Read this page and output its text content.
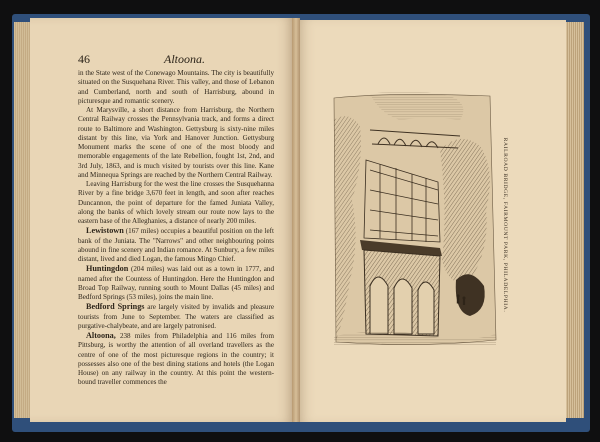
46	Altoona.

in the State west of the Conewago Mountains. The city is beautifully situated on the Susquehana River. This valley, and those of Lebanon and Cumberland, north and south of Harrisburg, abound in picturesque and romantic scenery.

At Marysville, a short distance from Harrisburg, the Northern Central Railway crosses the Pennsylvania track, and forms a direct route to Baltimore and Washington. Gettysburg is sixty-nine miles distant by this line, via York and Hanover Junction. Gettysburg Monument marks the scene of one of the most bloody and memorable engagements of the late Rebellion, fought 1st, 2nd, and 3rd July, 1863, and is much visited by tourists over this line. Kane and Minnequa Springs are reached by the Northern Central Railway.

Leaving Harrisburg for the west the line crosses the Susquehanna River by a fine bridge 3,670 feet in length, and soon after reaches Duncannon, the point of departure for the famed Juniata Valley, along the banks of which lovely stream our route now lays to the eastern base of the Alleghanies, a distance of nearly 200 miles.

Lewistown (167 miles) occupies a beautiful position on the left bank of the Juniata. The "Narrows" and other neighbouring points abound in fine scenery and Indian romance. At Sunbury, a few miles distant, lived and died Logan, the famous Mingo Chief.

Huntingdon (204 miles) was laid out as a town in 1777, and named after the Countess of Huntingdon. Here the Huntingdon and Broad Top Railway, running south to Mount Dallas (45 miles) and Bedford Springs (53 miles), joins the main line.

Bedford Springs are largely visited by invalids and pleasure tourists from June to September. The waters are classified as purgative-chalybeate, and are largely patronised.

Altoona, 238 miles from Philadelphia and 116 miles from Pittsburg, is worthy the attention of all overland travellers as the centre of one of the most picturesque regions in the country; it possesses also one of the best dining stations and hotels (the Logan House) on any railway in the country. At this point the western-bound traveller commences the

RAILROAD BRIDGE, FAIRMOUNT PARK, PHILADELPHIA.
